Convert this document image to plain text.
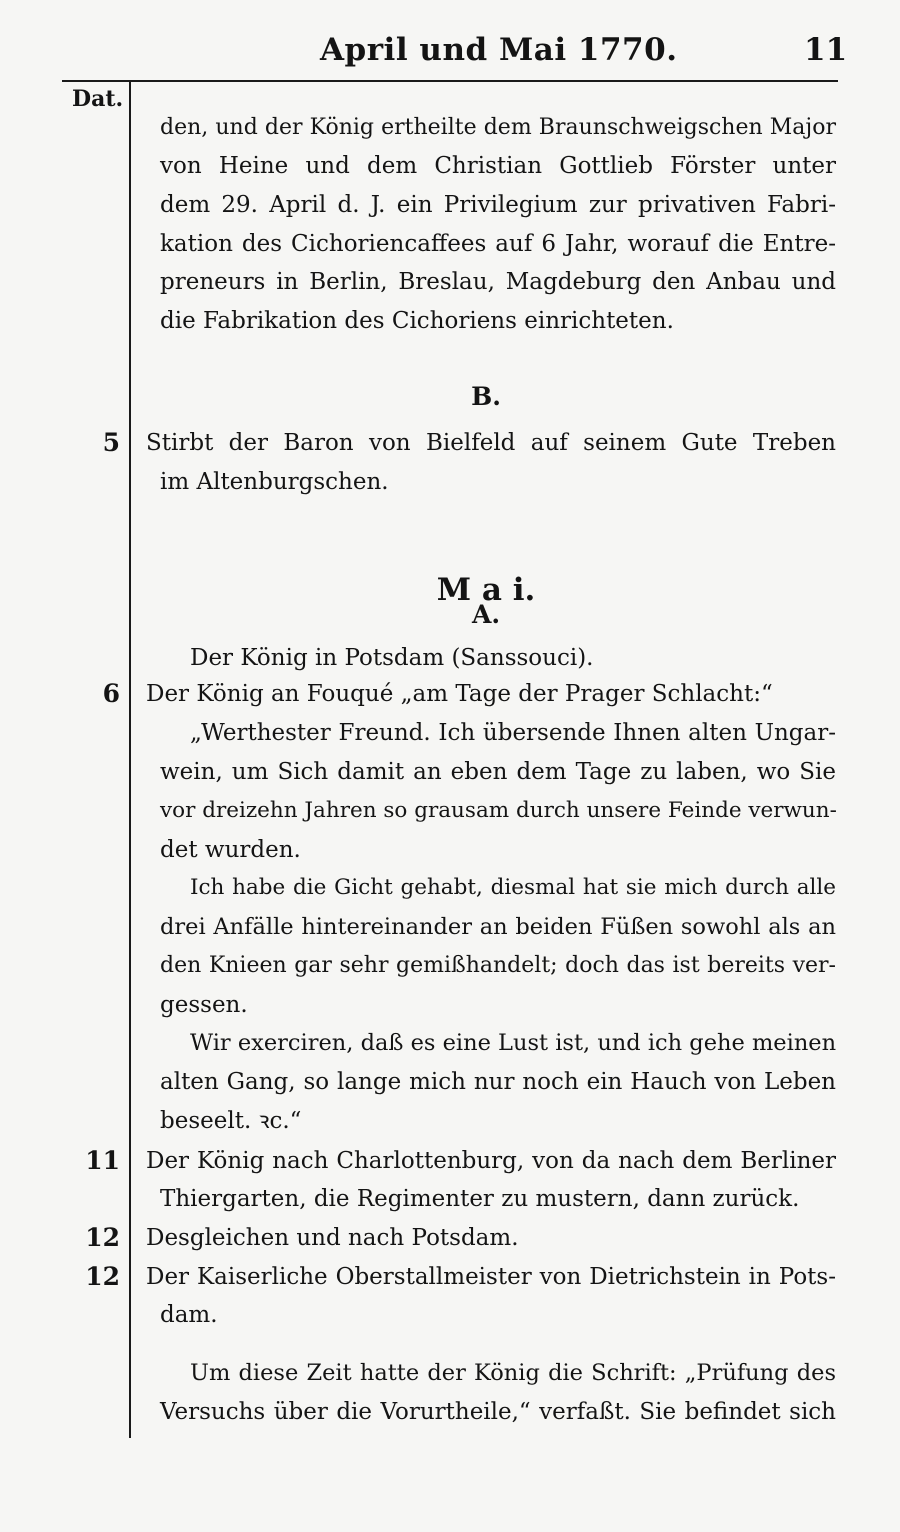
April und Mai 1770.	11
Dat.
den, und der König ertheilte dem Braunschweigschen Major
von Heine und dem Christian Gottlieb Förster unter
dem 29. April d. J. ein Privilegium zur privativen Fabri-
kation des Cichoriencaffees auf 6 Jahr, worauf die Entre-
preneurs in Berlin, Breslau, Magdeburg den Anbau und
die Fabrikation des Cichoriens einrichteten.
B.
5 Stirbt der Baron von Bielfeld auf seinem Gute Treben
im Altenburgschen.
M a i.
A.
Der König in Potsdam (Sanssouci).
6 Der König an Fouqué „am Tage der Prager Schlacht:“
„Werthester Freund. Ich übersende Ihnen alten Ungar-
wein, um Sich damit an eben dem Tage zu laben, wo Sie
vor dreizehn Jahren so grausam durch unsere Feinde verwun-
det wurden.
Ich habe die Gicht gehabt, diesmal hat sie mich durch alle
drei Anfälle hintereinander an beiden Füßen sowohl als an
den Knieen gar sehr gemißhandelt; doch das ist bereits ver-
gessen.
Wir exerciren, daß es eine Lust ist, und ich gehe meinen
alten Gang, so lange mich nur noch ein Hauch von Leben
beseelt. ꝛc.“
11 Der König nach Charlottenburg, von da nach dem Berliner
Thiergarten, die Regimenter zu mustern, dann zurück.
12 Desgleichen und nach Potsdam.
12 Der Kaiserliche Oberstallmeister von Dietrichstein in Pots-
dam.
Um diese Zeit hatte der König die Schrift: „Prüfung des
Versuchs über die Vorurtheile,“ verfaßt. Sie befindet sich
